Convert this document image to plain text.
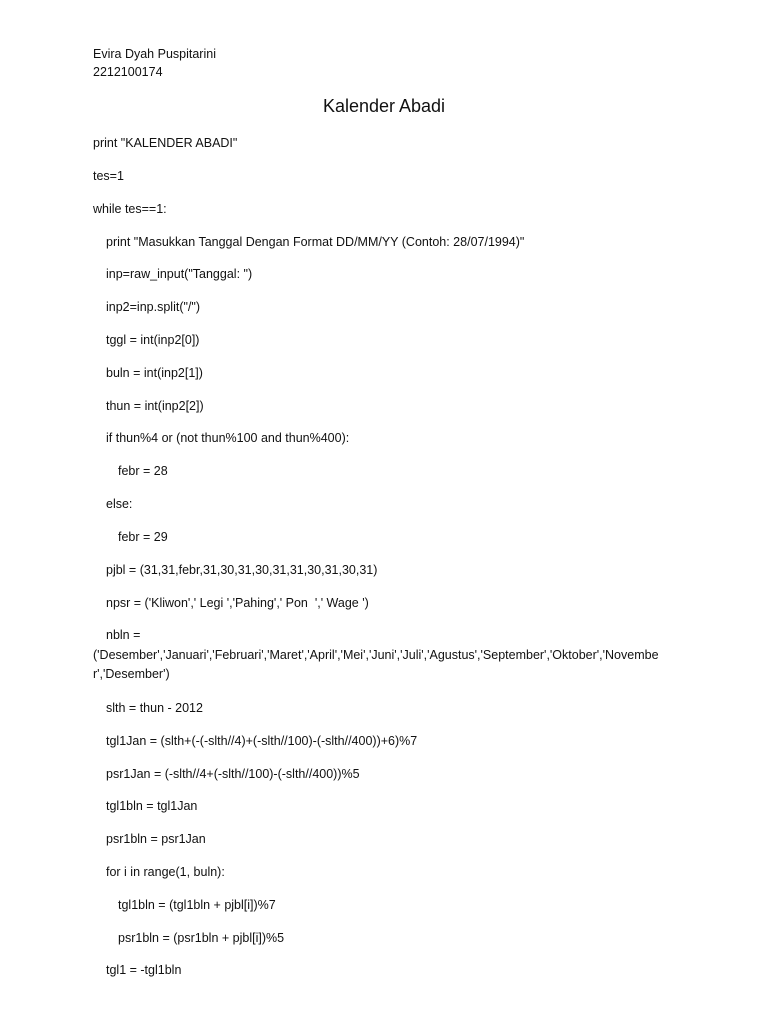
Evira Dyah Puspitarini
2212100174
Kalender Abadi
print "KALENDER ABADI"
tes=1
while tes==1:
print "Masukkan Tanggal Dengan Format DD/MM/YY (Contoh: 28/07/1994)"
inp=raw_input("Tanggal: ")
inp2=inp.split("/")
tggl = int(inp2[0])
buln = int(inp2[1])
thun = int(inp2[2])
if thun%4 or (not thun%100 and thun%400):
febr = 28
else:
febr = 29
pjbl = (31,31,febr,31,30,31,30,31,31,30,31,30,31)
npsr = ('Kliwon',' Legi ','Pahing',' Pon  ',' Wage ')
nbln =
('Desember','Januari','Februari','Maret','April','Mei','Juni','Juli','Agustus','September','Oktober','November','Desember')
slth = thun - 2012
tgl1Jan = (slth+(-(-slth//4)+(-slth//100)-(-slth//400))+6)%7
psr1Jan = (-slth//4+(-slth//100)-(-slth//400))%5
tgl1bln = tgl1Jan
psr1bln = psr1Jan
for i in range(1, buln):
tgl1bln = (tgl1bln + pjbl[i])%7
psr1bln = (psr1bln + pjbl[i])%5
tgl1 = -tgl1bln
